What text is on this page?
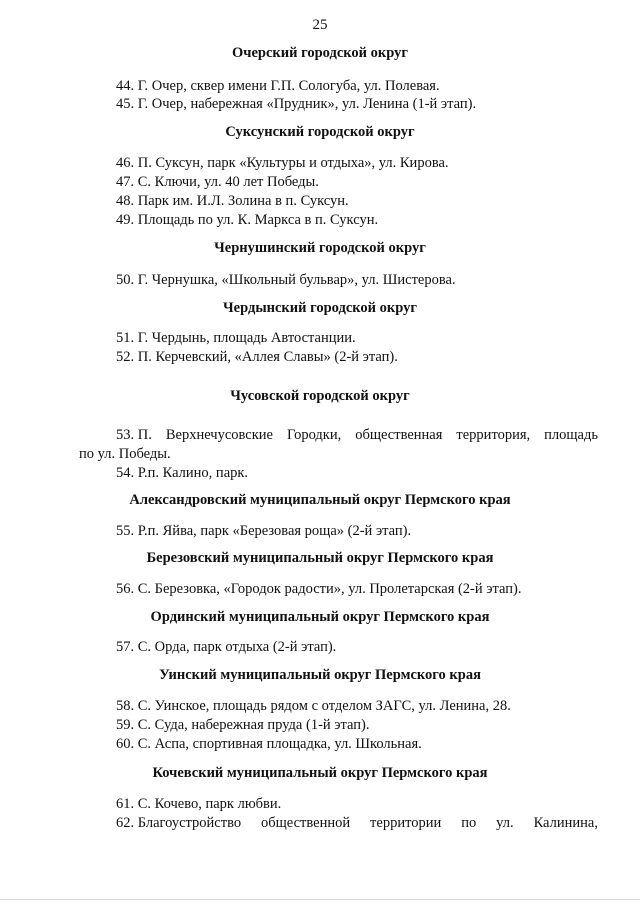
25
Очерский городской округ
44. Г. Очер, сквер имени Г.П. Сологуба, ул. Полевая.
45. Г. Очер, набережная «Прудник», ул. Ленина (1-й этап).
Суксунский городской округ
46. П. Суксун, парк «Культуры и отдыха», ул. Кирова.
47. С. Ключи, ул. 40 лет Победы.
48. Парк им. И.Л. Золина в п. Суксун.
49. Площадь по ул. К. Маркса в п. Суксун.
Чернушинский городской округ
50. Г. Чернушка, «Школьный бульвар», ул. Шистерова.
Чердынский городской округ
51. Г. Чердынь, площадь Автостанции.
52. П. Керчевский, «Аллея Славы» (2-й этап).
Чусовской городской округ
53. П. Верхнечусовские Городки, общественная территория, площадь
по ул. Победы.
54. Р.п. Калино, парк.
Александровский муниципальный округ Пермского края
55. Р.п. Яйва, парк «Березовая роща» (2-й этап).
Березовский муниципальный округ Пермского края
56. С. Березовка, «Городок радости», ул. Пролетарская (2-й этап).
Ординский муниципальный округ Пермского края
57. С. Орда, парк отдыха (2-й этап).
Уинский муниципальный округ Пермского края
58. С. Уинское, площадь рядом с отделом ЗАГС, ул. Ленина, 28.
59. С. Суда, набережная пруда (1-й этап).
60. С. Аспа, спортивная площадка, ул. Школьная.
Кочевский муниципальный округ Пермского края
61. С. Кочево, парк любви.
62. Благоустройство общественной территории по ул. Калинина,
